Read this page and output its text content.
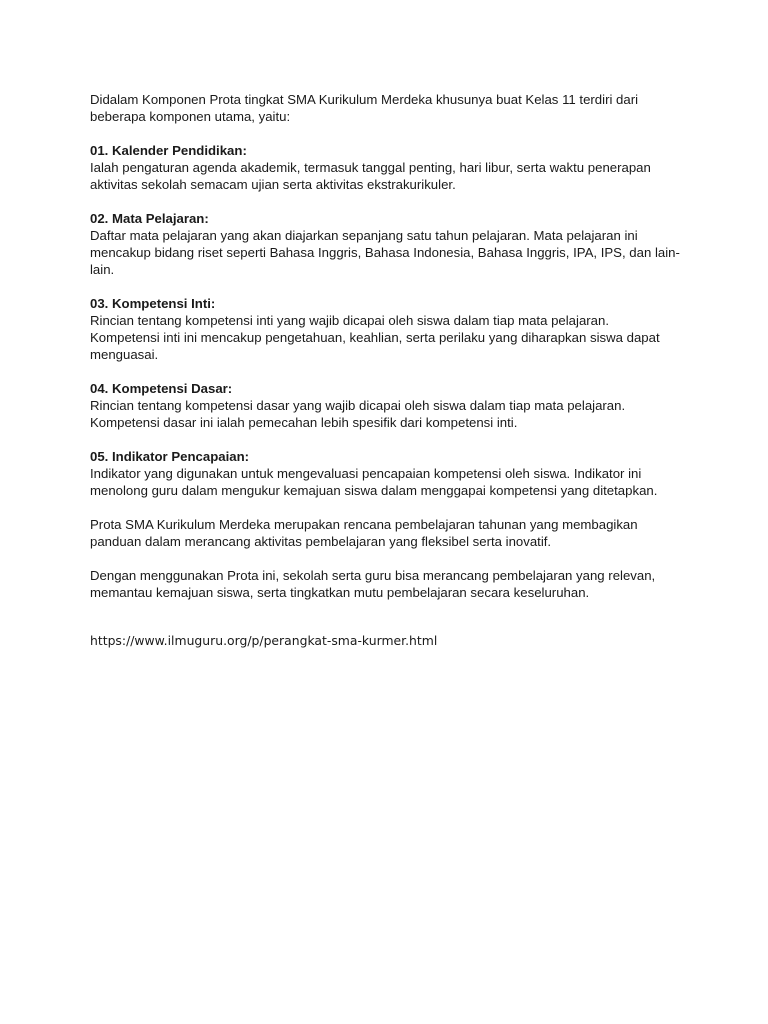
Didalam Komponen Prota tingkat SMA Kurikulum Merdeka khusunya buat Kelas 11 terdiri dari beberapa komponen utama, yaitu:

01. Kalender Pendidikan:

Ialah pengaturan agenda akademik, termasuk tanggal penting, hari libur, serta waktu penerapan aktivitas sekolah semacam ujian serta aktivitas ekstrakurikuler.

02. Mata Pelajaran:

Daftar mata pelajaran yang akan diajarkan sepanjang satu tahun pelajaran. Mata pelajaran ini mencakup bidang riset seperti Bahasa Inggris, Bahasa Indonesia, Bahasa Inggris, IPA, IPS, dan lain-lain.

03. Kompetensi Inti:

Rincian tentang kompetensi inti yang wajib dicapai oleh siswa dalam tiap mata pelajaran. Kompetensi inti ini mencakup pengetahuan, keahlian, serta perilaku yang diharapkan siswa dapat menguasai.

04. Kompetensi Dasar:

Rincian tentang kompetensi dasar yang wajib dicapai oleh siswa dalam tiap mata pelajaran. Kompetensi dasar ini ialah pemecahan lebih spesifik dari kompetensi inti.

05. Indikator Pencapaian:

Indikator yang digunakan untuk mengevaluasi pencapaian kompetensi oleh siswa. Indikator ini menolong guru dalam mengukur kemajuan siswa dalam menggapai kompetensi yang ditetapkan.

Prota SMA Kurikulum Merdeka merupakan rencana pembelajaran tahunan yang membagikan panduan dalam merancang aktivitas pembelajaran yang fleksibel serta inovatif.

Dengan menggunakan Prota ini, sekolah serta guru bisa merancang pembelajaran yang relevan, memantau kemajuan siswa, serta tingkatkan mutu pembelajaran secara keseluruhan.

https://www.ilmuguru.org/p/perangkat-sma-kurmer.html
